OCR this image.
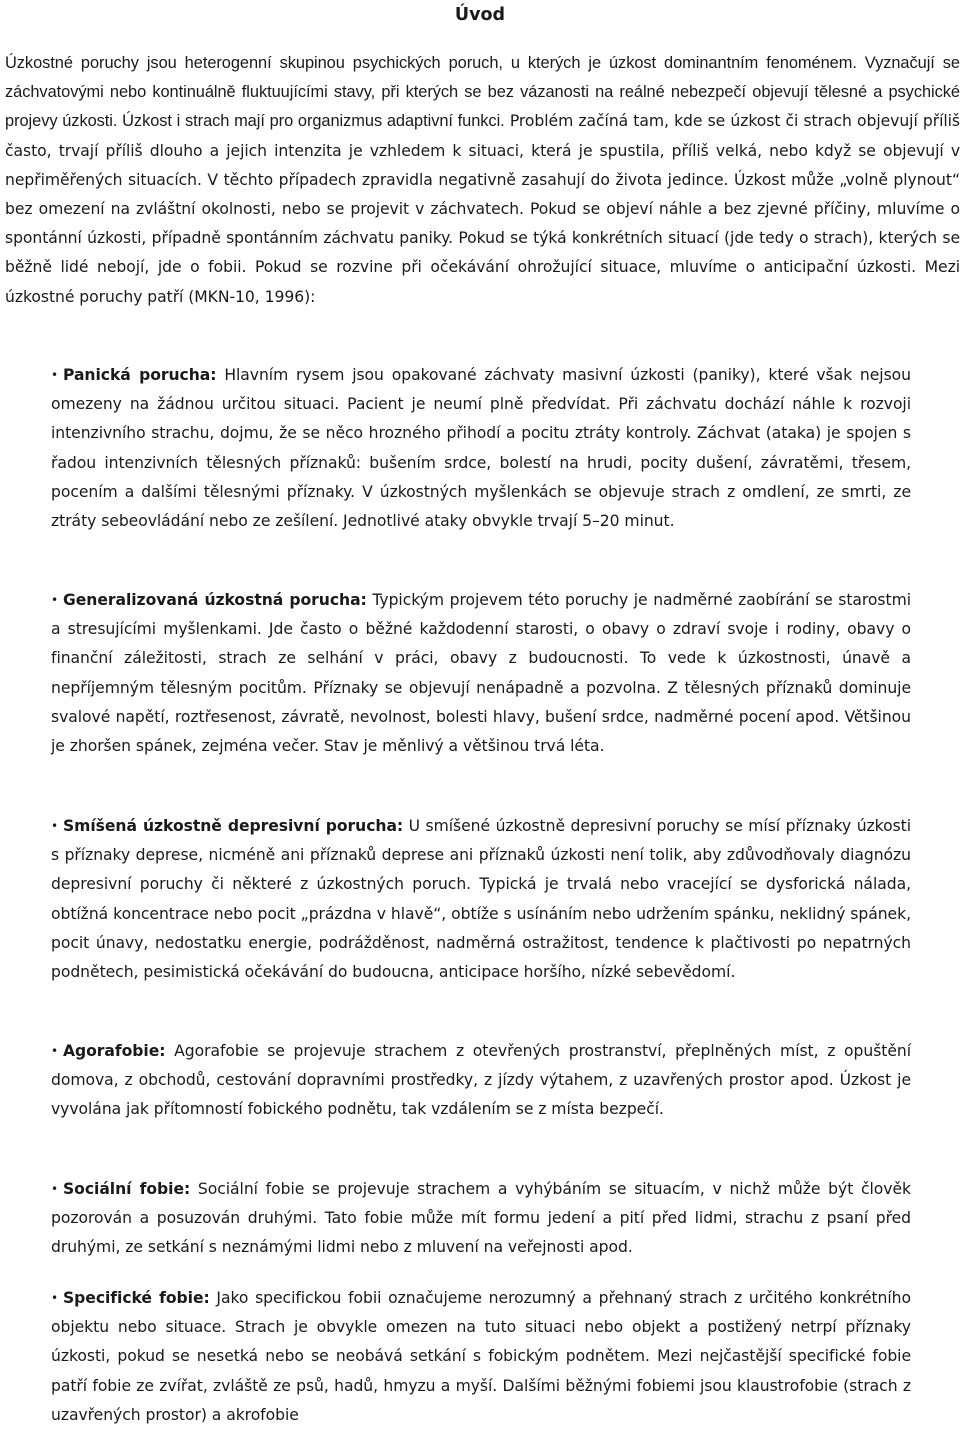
Úvod

Úzkostné poruchy jsou heterogenní skupinou psychických poruch, u kterých je úzkost dominantním fenoménem. Vyznačují se záchvatovými nebo kontinuálně fluktuujícími stavy, při kterých se bez vázanosti na reálné nebezpečí objevují tělesné a psychické projevy úzkosti. Úzkost i strach mají pro organizmus adaptivní funkci. Problém začíná tam, kde se úzkost či strach objevují příliš často, trvají příliš dlouho a jejich intenzita je vzhledem k situaci, která je spustila, příliš velká, nebo když se objevují v nepřiměřených situacích. V těchto případech zpravidla negativně zasahují do života jedince. Úzkost může „volně plynout“ bez omezení na zvláštní okolnosti, nebo se projevit v záchvatech. Pokud se objeví náhle a bez zjevné příčiny, mluvíme o spontánní úzkosti, případně spontánním záchvatu paniky. Pokud se týká konkrétních situací (jde tedy o strach), kterých se běžně lidé nebojí, jde o fobii. Pokud se rozvine při očekávání ohrožující situace, mluvíme o anticipační úzkosti. Mezi úzkostné poruchy patří (MKN-10, 1996):

Panická porucha: Hlavním rysem jsou opakované záchvaty masivní úzkosti (paniky), které však nejsou omezeny na žádnou určitou situaci. Pacient je neumí plně předvídat. Při záchvatu dochází náhle k rozvoji intenzivního strachu, dojmu, že se něco hrozného přihodí a pocitu ztráty kontroly. Záchvat (ataka) je spojen s řadou intenzivních tělesných příznaků: bušením srdce, bolestí na hrudi, pocity dušení, závratěmi, třesem, pocením a dalšími tělesnými příznaky. V úzkostných myšlenkách se objevuje strach z omdlení, ze smrti, ze ztráty sebeovládání nebo ze zešílení. Jednotlivé ataky obvykle trvají 5–20 minut.

Generalizovaná úzkostná porucha: Typickým projevem této poruchy je nadměrné zaobírání se starostmi a stresujícími myšlenkami. Jde často o běžné každodenní starosti, o obavy o zdraví svoje i rodiny, obavy o finanční záležitosti, strach ze selhání v práci, obavy z budoucnosti. To vede k úzkostnosti, únavě a nepříjemným tělesným pocitům. Příznaky se objevují nenápadně a pozvolna. Z tělesných příznaků dominuje svalové napětí, roztřesenost, závratě, nevolnost, bolesti hlavy, bušení srdce, nadměrné pocení apod. Většinou je zhoršen spánek, zejména večer. Stav je měnlivý a většinou trvá léta.

Smíšená úzkostně depresivní porucha: U smíšené úzkostně depresivní poruchy se mísí příznaky úzkosti s příznaky deprese, nicméně ani příznaků deprese ani příznaků úzkosti není tolik, aby zdůvodňovaly diagnózu depresivní poruchy či některé z úzkostných poruch. Typická je trvalá nebo vracející se dysforická nálada, obtížná koncentrace nebo pocit „prázdna v hlavě“, obtíže s usínáním nebo udržením spánku, neklidný spánek, pocit únavy, nedostatku energie, podrážděnost, nadměrná ostražitost, tendence k plačtivosti po nepatrných podnětech, pesimistická očekávání do budoucna, anticipace horšího, nízké sebevědomí.

Agorafobie: Agorafobie se projevuje strachem z otevřených prostranství, přeplněných míst, z opuštění domova, z obchodů, cestování dopravními prostředky, z jízdy výtahem, z uzavřených prostor apod. Úzkost je vyvolána jak přítomností fobického podnětu, tak vzdálením se z místa bezpečí.

Sociální fobie: Sociální fobie se projevuje strachem a vyhýbáním se situacím, v nichž může být člověk pozorován a posuzován druhými. Tato fobie může mít formu jedení a pití před lidmi, strachu z psaní před druhými, ze setkání s neznámými lidmi nebo z mluvení na veřejnosti apod.

Specifické fobie: Jako specifickou fobii označujeme nerozumný a přehnaný strach z určitého konkrétního objektu nebo situace. Strach je obvykle omezen na tuto situaci nebo objekt a postižený netrpí příznaky úzkosti, pokud se nesetká nebo se neobává setkání s fobickým podnětem. Mezi nejčastější specifické fobie patří fobie ze zvířat, zvláště ze psů, hadů, hmyzu a myší. Dalšími běžnými fobiemi jsou klaustrofobie (strach z uzavřených prostor) a akrofobie

•
•
•
•
•
•
